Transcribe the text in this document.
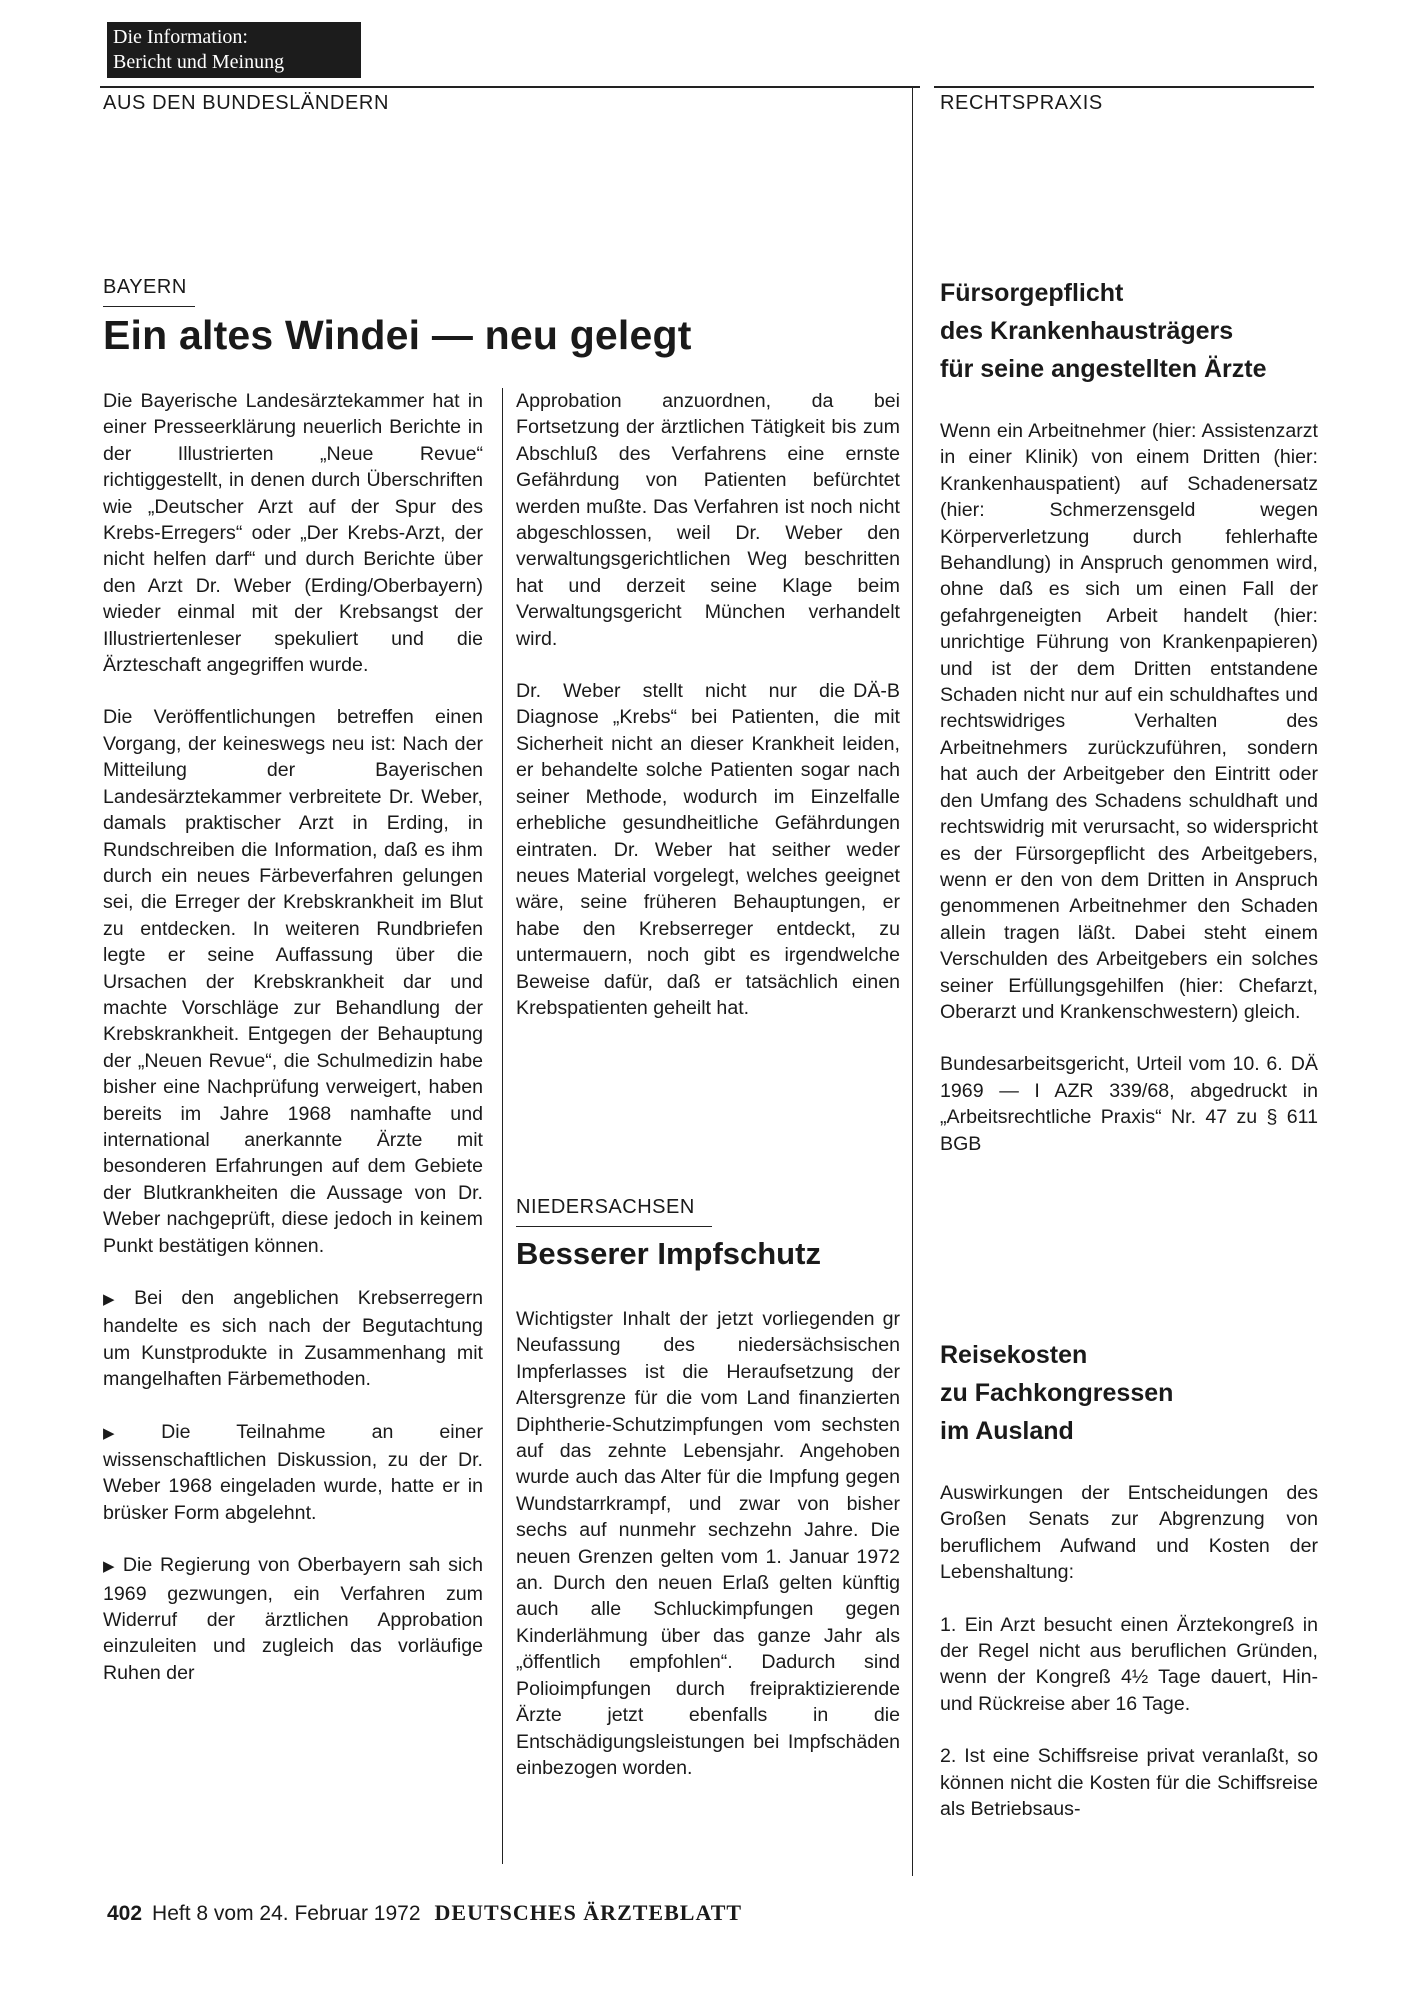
Die Information:
Bericht und Meinung
AUS DEN BUNDESLÄNDERN	RECHTSPRAXIS
BAYERN
Ein altes Windei — neu gelegt

Die Bayerische Landesärztekammer hat in einer Presseerklärung neuerlich Berichte in der Illustrierten „Neue Revue“ richtiggestellt, in denen durch Überschriften wie „Deutscher Arzt auf der Spur des Krebs-Erregers“ oder „Der Krebs-Arzt, der nicht helfen darf“ und durch Berichte über den Arzt Dr. Weber (Erding/Oberbayern) wieder einmal mit der Krebsangst der Illustriertenleser spekuliert und die Ärzteschaft angegriffen wurde.

Die Veröffentlichungen betreffen einen Vorgang, der keineswegs neu ist: Nach der Mitteilung der Bayerischen Landesärztekammer verbreitete Dr. Weber, damals praktischer Arzt in Erding, in Rundschreiben die Information, daß es ihm durch ein neues Färbeverfahren gelungen sei, die Erreger der Krebskrankheit im Blut zu entdecken. In weiteren Rundbriefen legte er seine Auffassung über die Ursachen der Krebskrankheit dar und machte Vorschläge zur Behandlung der Krebskrankheit. Entgegen der Behauptung der „Neuen Revue“, die Schulmedizin habe bisher eine Nachprüfung verweigert, haben bereits im Jahre 1968 namhafte und international anerkannte Ärzte mit besonderen Erfahrungen auf dem Gebiete der Blutkrankheiten die Aussage von Dr. Weber nachgeprüft, diese jedoch in keinem Punkt bestätigen können.

▶ Bei den angeblichen Krebserregern handelte es sich nach der Begutachtung um Kunstprodukte in Zusammenhang mit mangelhaften Färbemethoden.

▶ Die Teilnahme an einer wissenschaftlichen Diskussion, zu der Dr. Weber 1968 eingeladen wurde, hatte er in brüsker Form abgelehnt.

▶ Die Regierung von Oberbayern sah sich 1969 gezwungen, ein Verfahren zum Widerruf der ärztlichen Approbation einzuleiten und zugleich das vorläufige Ruhen der

Approbation anzuordnen, da bei Fortsetzung der ärztlichen Tätigkeit bis zum Abschluß des Verfahrens eine ernste Gefährdung von Patienten befürchtet werden mußte. Das Verfahren ist noch nicht abgeschlossen, weil Dr. Weber den verwaltungsgerichtlichen Weg beschritten hat und derzeit seine Klage beim Verwaltungsgericht München verhandelt wird.

DÄ-B
Dr. Weber stellt nicht nur die Diagnose „Krebs“ bei Patienten, die mit Sicherheit nicht an dieser Krankheit leiden, er behandelte solche Patienten sogar nach seiner Methode, wodurch im Einzelfalle erhebliche gesundheitliche Gefährdungen eintraten. Dr. Weber hat seither weder neues Material vorgelegt, welches geeignet wäre, seine früheren Behauptungen, er habe den Krebserreger entdeckt, zu untermauern, noch gibt es irgendwelche Beweise dafür, daß er tatsächlich einen Krebspatienten geheilt hat.

NIEDERSACHSEN
Besserer Impfschutz

gr
Wichtigster Inhalt der jetzt vorliegenden Neufassung des niedersächsischen Impferlasses ist die Heraufsetzung der Altersgrenze für die vom Land finanzierten Diphtherie-Schutzimpfungen vom sechsten auf das zehnte Lebensjahr. Angehoben wurde auch das Alter für die Impfung gegen Wundstarrkrampf, und zwar von bisher sechs auf nunmehr sechzehn Jahre. Die neuen Grenzen gelten vom 1. Januar 1972 an. Durch den neuen Erlaß gelten künftig auch alle Schluckimpfungen gegen Kinderlähmung über das ganze Jahr als „öffentlich empfohlen“. Dadurch sind Polioimpfungen durch freipraktizierende Ärzte jetzt ebenfalls in die Entschädigungsleistungen bei Impfschäden einbezogen worden.

Fürsorgepflicht
des Krankenhausträgers
für seine angestellten Ärzte

Wenn ein Arbeitnehmer (hier: Assistenzarzt in einer Klinik) von einem Dritten (hier: Krankenhauspatient) auf Schadenersatz (hier: Schmerzensgeld wegen Körperverletzung durch fehlerhafte Behandlung) in Anspruch genommen wird, ohne daß es sich um einen Fall der gefahrgeneigten Arbeit handelt (hier: unrichtige Führung von Krankenpapieren) und ist der dem Dritten entstandene Schaden nicht nur auf ein schuldhaftes und rechtswidriges Verhalten des Arbeitnehmers zurückzuführen, sondern hat auch der Arbeitgeber den Eintritt oder den Umfang des Schadens schuldhaft und rechtswidrig mit verursacht, so widerspricht es der Fürsorgepflicht des Arbeitgebers, wenn er den von dem Dritten in Anspruch genommenen Arbeitnehmer den Schaden allein tragen läßt. Dabei steht einem Verschulden des Arbeitgebers ein solches seiner Erfüllungsgehilfen (hier: Chefarzt, Oberarzt und Krankenschwestern) gleich.

DÄ
Bundesarbeitsgericht, Urteil vom 10. 6. 1969 — I AZR 339/68, abgedruckt in „Arbeitsrechtliche Praxis“ Nr. 47 zu § 611 BGB

Reisekosten
zu Fachkongressen
im Ausland

Auswirkungen der Entscheidungen des Großen Senats zur Abgrenzung von beruflichem Aufwand und Kosten der Lebenshaltung:

1. Ein Arzt besucht einen Ärztekongreß in der Regel nicht aus beruflichen Gründen, wenn der Kongreß 4½ Tage dauert, Hin- und Rückreise aber 16 Tage.

2. Ist eine Schiffsreise privat veranlaßt, so können nicht die Kosten für die Schiffsreise als Betriebsaus-

402 Heft 8 vom 24. Februar 1972 DEUTSCHES ÄRZTEBLATT
